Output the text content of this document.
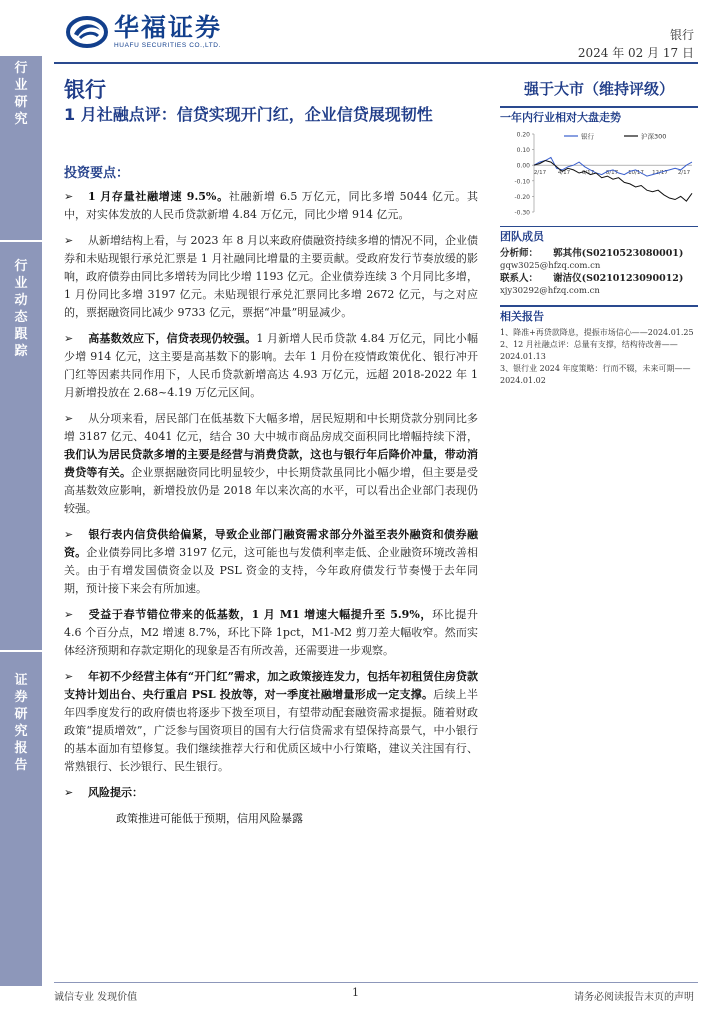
华福证券
HUAFU SECURITIES CO.,LTD.
银行
2024 年 02 月 17 日
行
业
研
究
行
业
动
态
跟
踪
证
券
研
究
报
告
银行
1 月社融点评：信贷实现开门红，企业信贷展现韧性
投资要点：
➢ 1 月存量社融增速 9.5%。社融新增 6.5 万亿元，同比多增 5044 亿元。其中，对实体发放的人民币贷款新增 4.84 万亿元，同比少增 914 亿元。
➢ 从新增结构上看，与 2023 年 8 月以来政府债融资持续多增的情况不同，企业债券和未贴现银行承兑汇票是 1 月社融同比增量的主要贡献。受政府发行节奏放缓的影响，政府债券由同比多增转为同比少增 1193 亿元。企业债券连续 3 个月同比多增，1 月份同比多增 3197 亿元。未贴现银行承兑汇票同比多增 2672 亿元，与之对应的，票据融资同比减少 9733 亿元，票据“冲量”明显减少。
➢ 高基数效应下，信贷表现仍较强。1 月新增人民币贷款 4.84 万亿元，同比小幅少增 914 亿元，这主要是高基数下的影响。去年 1 月份在疫情政策优化、银行冲开门红等因素共同作用下，人民币贷款新增高达 4.93 万亿元，远超 2018-2022 年 1 月新增投放在 2.68~4.19 万亿元区间。
➢ 从分项来看，居民部门在低基数下大幅多增，居民短期和中长期贷款分别同比多增 3187 亿元、4041 亿元，结合 30 大中城市商品房成交面积同比增幅持续下滑，我们认为居民贷款多增的主要是经营与消费贷款，这也与银行年后降价冲量，带动消费贷等有关。企业票据融资同比明显较少，中长期贷款虽同比小幅少增，但主要是受高基数效应影响，新增投放仍是 2018 年以来次高的水平，可以看出企业部门表现仍较强。
➢ 银行表内信贷供给偏紧，导致企业部门融资需求部分外溢至表外融资和债券融资。企业债券同比多增 3197 亿元，这可能也与发债利率走低、企业融资环境改善相关。由于有增发国债资金以及 PSL 资金的支持，今年政府债发行节奏慢于去年同期，预计接下来会有所加速。
➢ 受益于春节错位带来的低基数，1 月 M1 增速大幅提升至 5.9%，环比提升 4.6 个百分点，M2 增速 8.7%，环比下降 1pct，M1-M2 剪刀差大幅收窄。然而实体经济预期和存款定期化的现象是否有所改善，还需要进一步观察。
➢ 年初不少经营主体有“开门红”需求，加之政策接连发力，包括年初租赁住房贷款支持计划出台、央行重启 PSL 投放等，对一季度社融增量形成一定支撑。后续上半年四季度发行的政府债也将逐步下拨至项目，有望带动配套融资需求提振。随着财政政策“提质增效”，广泛参与国资项目的国有大行信贷需求有望保持高景气，中小银行的基本面加有望修复。我们继续推荐大行和优质区域中小行策略，建议关注国有行、常熟银行、长沙银行、民生银行。
➢ 风险提示：
政策推进可能低于预期，信用风险暴露
强于大市（维持评级）
一年内行业相对大盘走势
0.20
0.10
0.00
-0.10
-0.20
-0.30
2/17 4/17 6/17 8/17 10/17 12/17 2/17
银行	沪深300
团队成员
分析师： 郭其伟(S0210523080001)
gqw3025@hfzq.com.cn
联系人： 谢洁仪(S0210123090012)
xjy30292@hfzq.com.cn
相关报告
1、降准+再贷款降息，提振市场信心——2024.01.25
2、12 月社融点评：总量有支撑，结构待改善——2024.01.13
3、银行业 2024 年度策略：行而不辍，未来可期——2024.01.02
诚信专业 发现价值	1	请务必阅读报告末页的声明
